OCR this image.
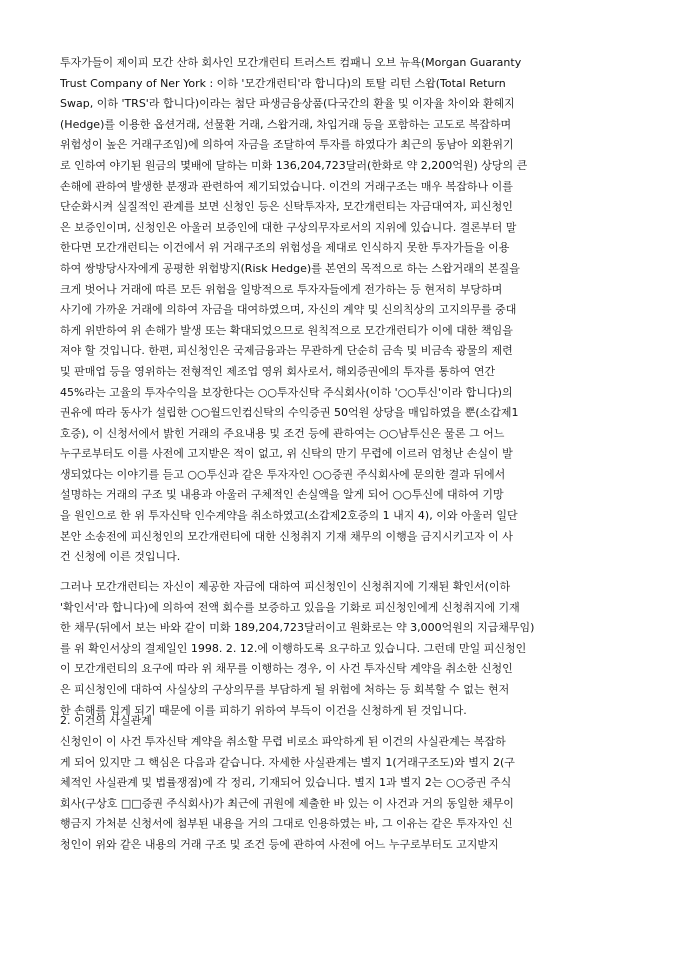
투자가들이 제이피 모간 산하 회사인 모간개런티 트러스트 컴패니 오브 뉴욕(Morgan Guaranty
Trust Company of Ner York : 이하 '모간개런티'라 합니다)의 토탈 리턴 스왑(Total Return
Swap, 이하 'TRS'라 합니다)이라는 첨단 파생금융상품(다국간의 환율 및 이자율 차이와 환헤지
(Hedge)를 이용한 옵션거래, 선물환 거래, 스왑거래, 차입거래 등을 포함하는 고도로 복잡하며
위험성이 높은 거래구조임)에 의하여 자금을 조달하여 투자를 하였다가 최근의 동남아 외환위기
로 인하여 야기된 원금의 몇배에 달하는 미화 136,204,723달러(한화로 약 2,200억원) 상당의 큰
손해에 관하여 발생한 분쟁과 관련하여 제기되었습니다. 이건의 거래구조는 매우 복잡하나 이를
단순화시켜 실질적인 관계를 보면 신청인 등은 신탁투자자, 모간개런티는 자금대여자, 피신청인
은 보증인이며, 신청인은 아울러 보증인에 대한 구상의무자로서의 지위에 있습니다. 결론부터 말
한다면 모간개런티는 이건에서 위 거래구조의 위험성을 제대로 인식하지 못한 투자가들을 이용
하여 쌍방당사자에게 공평한 위험방지(Risk Hedge)를 본연의 목적으로 하는 스왑거래의 본질을
크게 벗어나 거래에 따른 모든 위험을 일방적으로 투자자들에게 전가하는 등 현저히 부당하며
사기에 가까운 거래에 의하여 자금을 대여하였으며, 자신의 계약 및 신의칙상의 고지의무를 중대
하게 위반하여 위 손해가 발생 또는 확대되었으므로 원칙적으로 모간개런티가 이에 대한 책임을
져야 할 것입니다. 한편, 피신청인은 국제금융과는 무관하게 단순히 금속 및 비금속 광물의 제련
및 판매업 등을 영위하는 전형적인 제조업 영위 회사로서, 해외증권에의 투자를 통하여 연간
45%라는 고율의 투자수익을 보장한다는 ○○투자신탁 주식회사(이하 '○○투신'이라 합니다)의
권유에 따라 동사가 설립한 ○○월드인컴신탁의 수익증권 50억원 상당을 매입하였을 뿐(소갑제1
호증), 이 신청서에서 밝힌 거래의 주요내용 및 조건 등에 관하여는 ○○남투신은 물론 그 어느
누구로부터도 이를 사전에 고지받은 적이 없고, 위 신탁의 만기 무렵에 이르러 엄청난 손실이 발
생되었다는 이야기를 듣고 ○○투신과 같은 투자자인 ○○증권 주식회사에 문의한 결과 뒤에서
설명하는 거래의 구조 및 내용과 아울러 구체적인 손실액을 알게 되어 ○○투신에 대하여 기망
을 원인으로 한 위 투자신탁 인수계약을 취소하였고(소갑제2호증의 1 내지 4), 이와 아울러 일단
본안 소송전에 피신청인의 모간개런티에 대한 신청취지 기재 채무의 이행을 금지시키고자 이 사
건 신청에 이른 것입니다.
그러나 모간개런티는 자신이 제공한 자금에 대하여 피신청인이 신청취지에 기재된 확인서(이하
'확인서'라 합니다)에 의하여 전액 회수를 보증하고 있음을 기화로 피신청인에게 신청취지에 기재
한 채무(뒤에서 보는 바와 같이 미화 189,204,723달러이고 원화로는 약 3,000억원의 지급채무임)
를 위 확인서상의 결제일인 1998. 2. 12.에 이행하도록 요구하고 있습니다. 그런데 만일 피신청인
이 모간개런티의 요구에 따라 위 채무를 이행하는 경우, 이 사건 투자신탁 계약을 취소한 신청인
은 피신청인에 대하여 사실상의 구상의무를 부담하게 될 위험에 처하는 등 회복할 수 없는 현저
한 손해를 입게 되기 때문에 이를 피하기 위하여 부득이 이건을 신청하게 된 것입니다.
2. 이건의 사실관계
신청인이 이 사건 투자신탁 계약을 취소할 무렵 비로소 파악하게 된 이건의 사실관계는 복잡하
게 되어 있지만 그 핵심은 다음과 같습니다. 자세한 사실관계는 별지 1(거래구조도)와 별지 2(구
체적인 사실관계 및 법률쟁점)에 각 정리, 기재되어 있습니다. 별지 1과 별지 2는 ○○증권 주식
회사(구상호 □□증권 주식회사)가 최근에 귀원에 제출한 바 있는 이 사건과 거의 동일한 채무이
행금지 가처분 신청서에 첨부된 내용을 거의 그대로 인용하였는 바, 그 이유는 같은 투자자인 신
청인이 위와 같은 내용의 거래 구조 및 조건 등에 관하여 사전에 어느 누구로부터도 고지받지
